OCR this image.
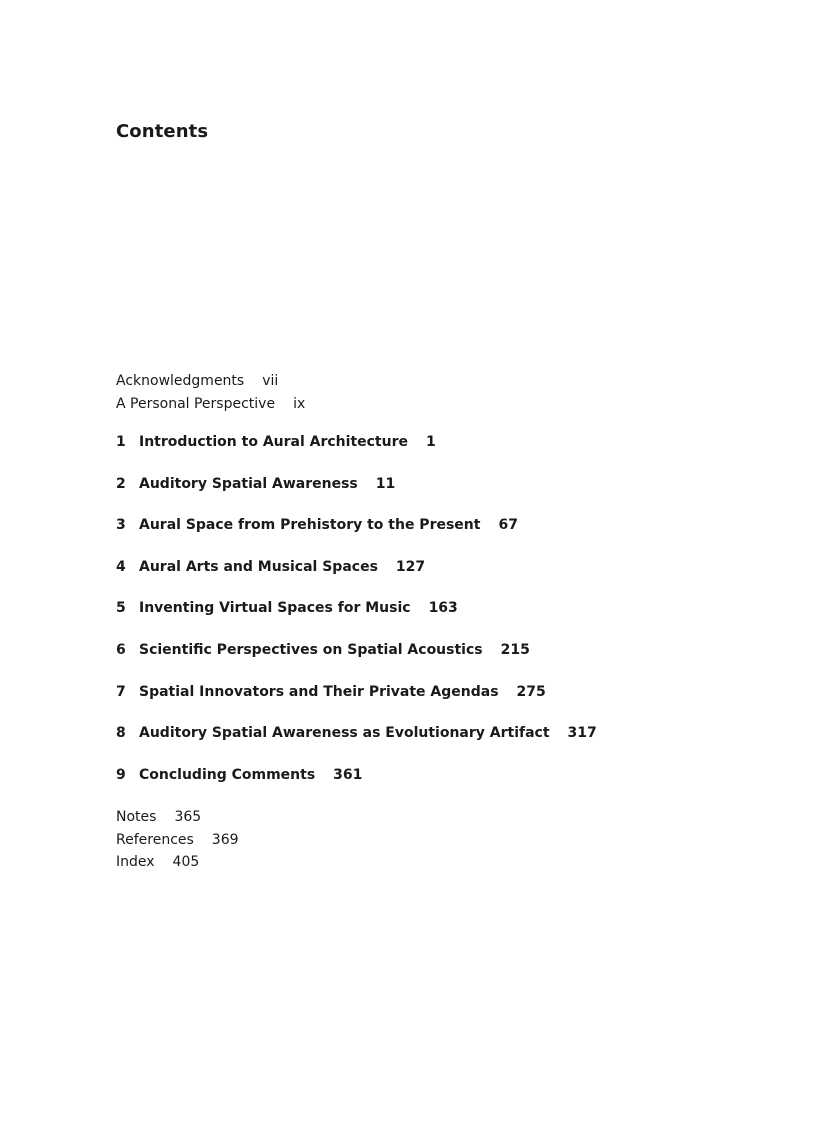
Contents
Acknowledgments vii
A Personal Perspective ix
1 Introduction to Aural Architecture 1
2 Auditory Spatial Awareness 11
3 Aural Space from Prehistory to the Present 67
4 Aural Arts and Musical Spaces 127
5 Inventing Virtual Spaces for Music 163
6 Scientific Perspectives on Spatial Acoustics 215
7 Spatial Innovators and Their Private Agendas 275
8 Auditory Spatial Awareness as Evolutionary Artifact 317
9 Concluding Comments 361
Notes 365
References 369
Index 405
